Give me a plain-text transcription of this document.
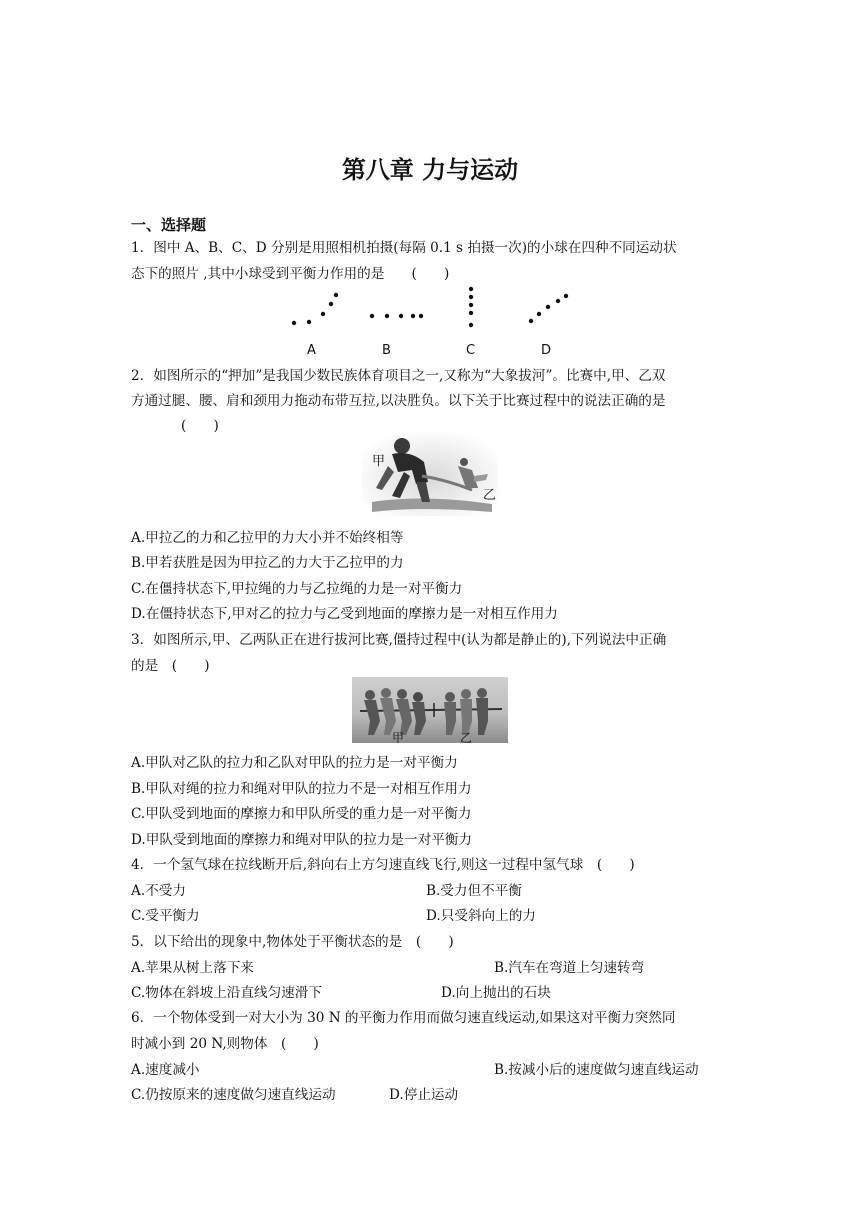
第八章 力与运动
一、选择题
1．图中 A、B、C、D 分别是用照相机拍摄(每隔 0.1 s 拍摄一次)的小球在四种不同运动状
态下的照片 ,其中小球受到平衡力作用的是　　(　　)
A	B	C	D
2．如图所示的“押加”是我国少数民族体育项目之一,又称为“大象拔河”。比赛中,甲、乙双
方通过腿、腰、肩和颈用力拖动布带互拉,以决胜负。以下关于比赛过程中的说法正确的是
(　　)
甲
乙
A.甲拉乙的力和乙拉甲的力大小并不始终相等
B.甲若获胜是因为甲拉乙的力大于乙拉甲的力
C.在僵持状态下,甲拉绳的力与乙拉绳的力是一对平衡力
D.在僵持状态下,甲对乙的拉力与乙受到地面的摩擦力是一对相互作用力
3．如图所示,甲、乙两队正在进行拔河比赛,僵持过程中(认为都是静止的),下列说法中正确
的是　(　　)
甲	乙
A.甲队对乙队的拉力和乙队对甲队的拉力是一对平衡力
B.甲队对绳的拉力和绳对甲队的拉力不是一对相互作用力
C.甲队受到地面的摩擦力和甲队所受的重力是一对平衡力
D.甲队受到地面的摩擦力和绳对甲队的拉力是一对平衡力
4．一个氢气球在拉线断开后,斜向右上方匀速直线飞行,则这一过程中氢气球　(　　)
A.不受力	B.受力但不平衡
C.受平衡力	D.只受斜向上的力
5．以下给出的现象中,物体处于平衡状态的是　(　　)
A.苹果从树上落下来	B.汽车在弯道上匀速转弯
C.物体在斜坡上沿直线匀速滑下	D.向上抛出的石块
6．一个物体受到一对大小为 30 N 的平衡力作用而做匀速直线运动,如果这对平衡力突然同
时减小到 20 N,则物体　(　　)
A.速度减小	B.按减小后的速度做匀速直线运动
C.仍按原来的速度做匀速直线运动	D.停止运动
